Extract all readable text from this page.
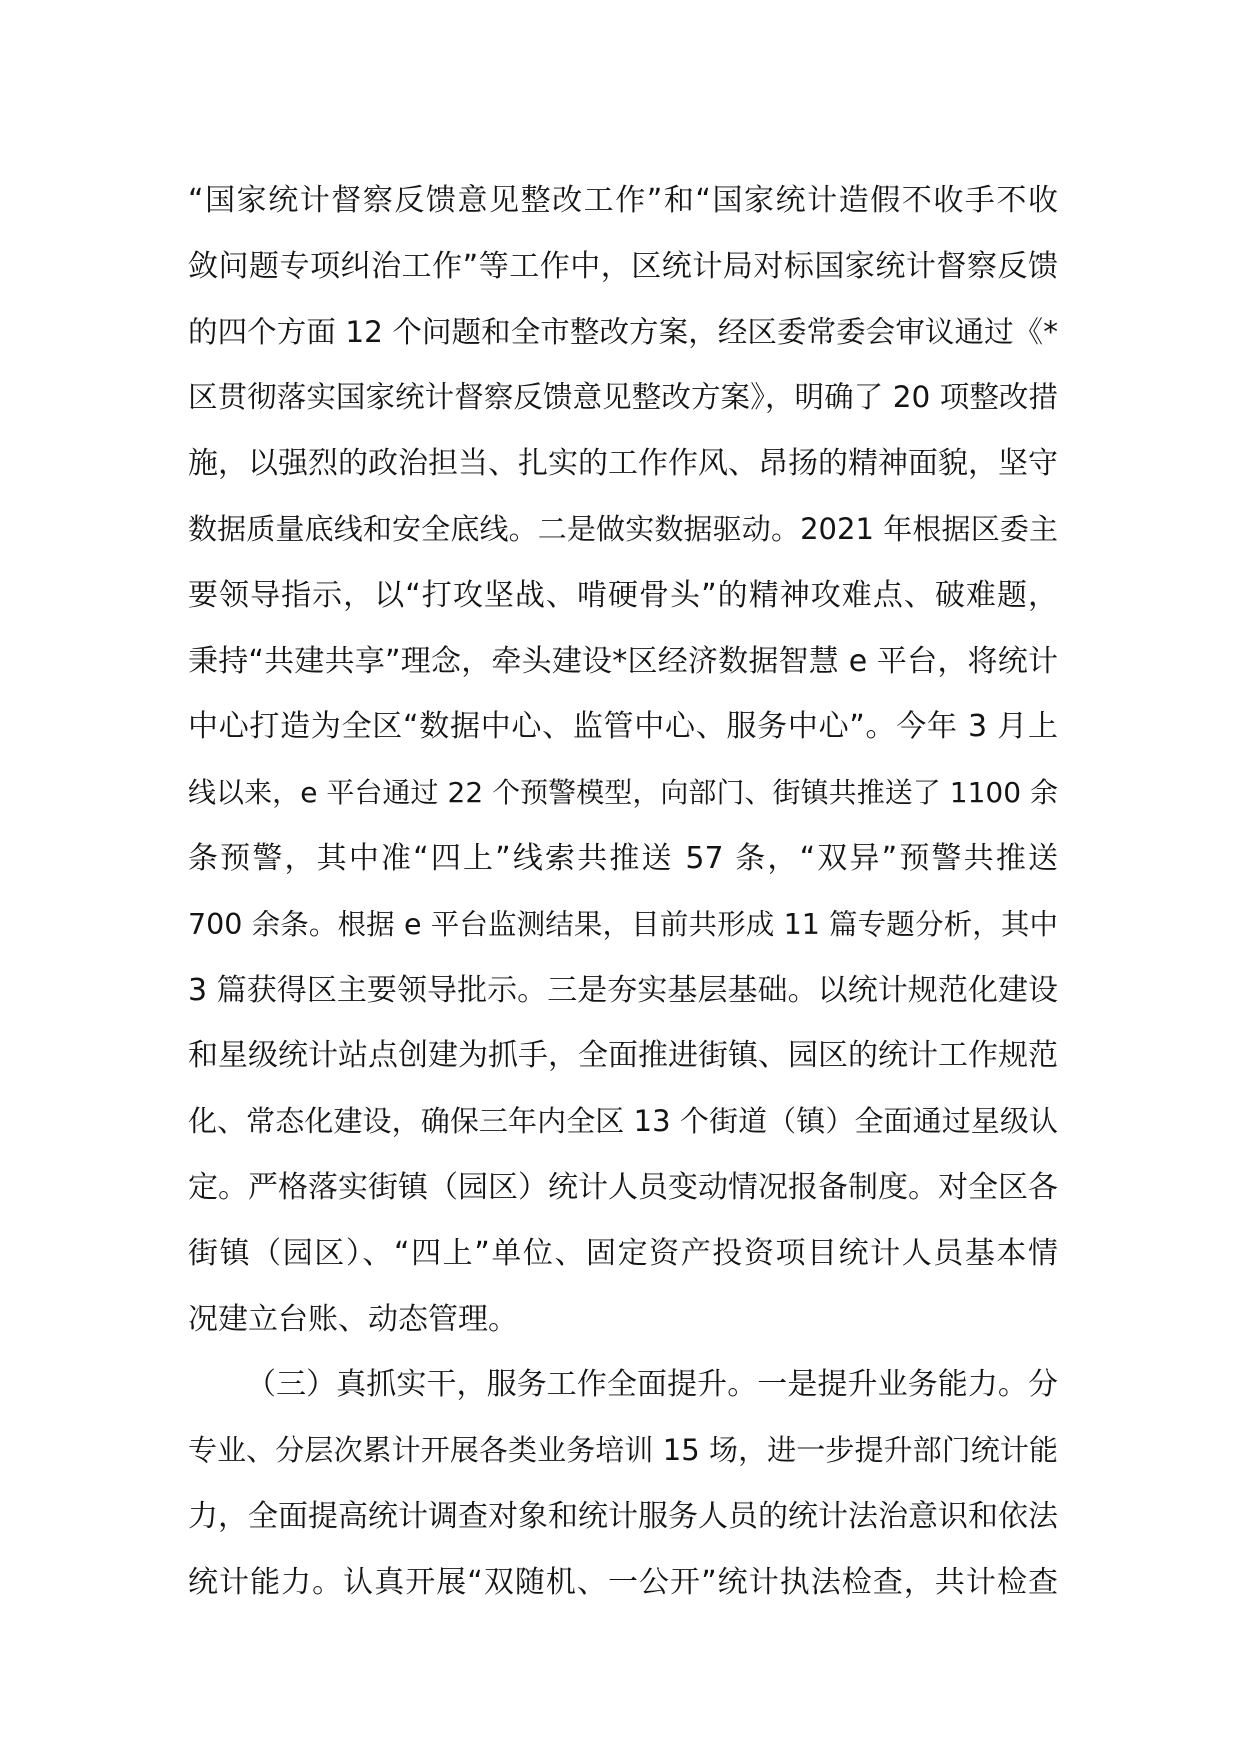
“国家统计督察反馈意见整改工作”和“国家统计造假不收手不收
敛问题专项纠治工作”等工作中，区统计局对标国家统计督察反馈
的四个方面 12 个问题和全市整改方案，经区委常委会审议通过《*
区贯彻落实国家统计督察反馈意见整改方案》，明确了 20 项整改措
施，以强烈的政治担当、扎实的工作作风、昂扬的精神面貌，坚守
数据质量底线和安全底线。二是做实数据驱动。2021 年根据区委主
要领导指示，以“打攻坚战、啃硬骨头”的精神攻难点、破难题，
秉持“共建共享”理念，牵头建设*区经济数据智慧 e 平台，将统计
中心打造为全区“数据中心、监管中心、服务中心”。今年 3 月上
线以来，e 平台通过 22 个预警模型，向部门、街镇共推送了 1100 余
条预警，其中准“四上”线索共推送 57 条，“双异”预警共推送
700 余条。根据 e 平台监测结果，目前共形成 11 篇专题分析，其中
3 篇获得区主要领导批示。三是夯实基层基础。以统计规范化建设
和星级统计站点创建为抓手，全面推进街镇、园区的统计工作规范
化、常态化建设，确保三年内全区 13 个街道（镇）全面通过星级认
定。严格落实街镇（园区）统计人员变动情况报备制度。对全区各
街镇（园区）、“四上”单位、固定资产投资项目统计人员基本情
况建立台账、动态管理。
（三）真抓实干，服务工作全面提升。一是提升业务能力。分
专业、分层次累计开展各类业务培训 15 场，进一步提升部门统计能
力，全面提高统计调查对象和统计服务人员的统计法治意识和依法
统计能力。认真开展“双随机、一公开”统计执法检查，共计检查
